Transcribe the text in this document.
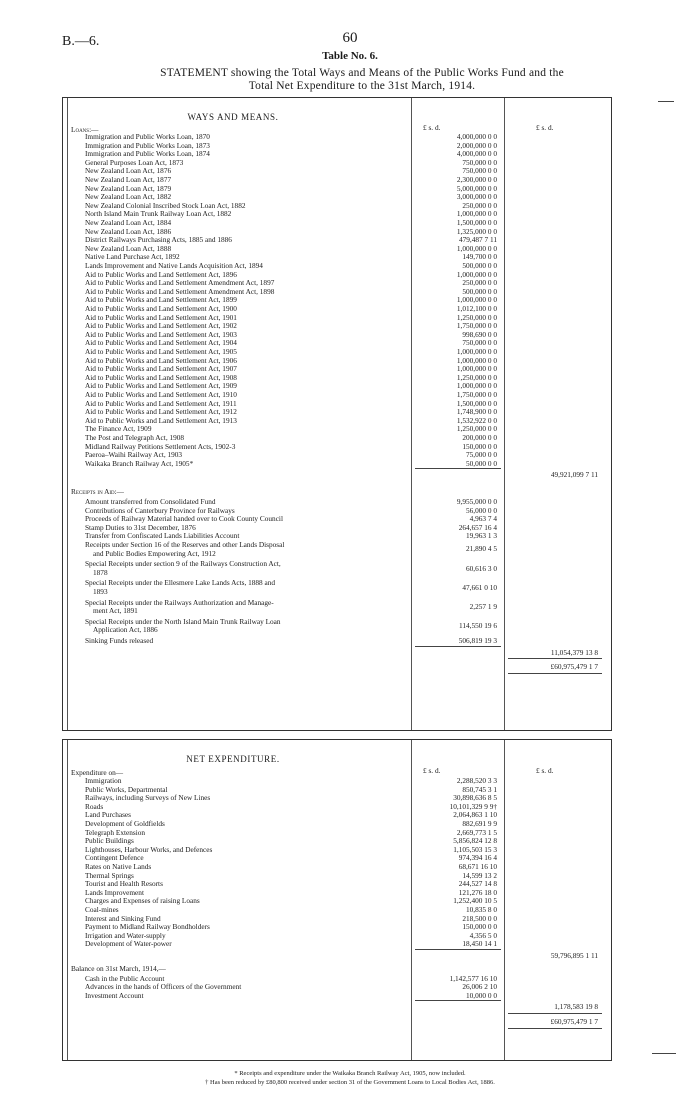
B.—6.	60
Table No. 6.
STATEMENT showing the Total Ways and Means of the Public Works Fund and the
Total Net Expenditure to the 31st March, 1914.
WAYS AND MEANS.
£ s. d.	£ s. d.
Loans:—
Immigration and Public Works Loan, 1870	4,000,000 0 0
Immigration and Public Works Loan, 1873	2,000,000 0 0
Immigration and Public Works Loan, 1874	4,000,000 0 0
General Purposes Loan Act, 1873	750,000 0 0
New Zealand Loan Act, 1876	750,000 0 0
New Zealand Loan Act, 1877	2,300,000 0 0
New Zealand Loan Act, 1879	5,000,000 0 0
New Zealand Loan Act, 1882	3,000,000 0 0
New Zealand Colonial Inscribed Stock Loan Act, 1882	250,000 0 0
North Island Main Trunk Railway Loan Act, 1882	1,000,000 0 0
New Zealand Loan Act, 1884	1,500,000 0 0
New Zealand Loan Act, 1886	1,325,000 0 0
District Railways Purchasing Acts, 1885 and 1886	479,487 7 11
New Zealand Loan Act, 1888	1,000,000 0 0
Native Land Purchase Act, 1892	149,700 0 0
Lands Improvement and Native Lands Acquisition Act, 1894	500,000 0 0
Aid to Public Works and Land Settlement Act, 1896	1,000,000 0 0
Aid to Public Works and Land Settlement Amendment Act, 1897	250,000 0 0
Aid to Public Works and Land Settlement Amendment Act, 1898	500,000 0 0
Aid to Public Works and Land Settlement Act, 1899	1,000,000 0 0
Aid to Public Works and Land Settlement Act, 1900	1,012,100 0 0
Aid to Public Works and Land Settlement Act, 1901	1,250,000 0 0
Aid to Public Works and Land Settlement Act, 1902	1,750,000 0 0
Aid to Public Works and Land Settlement Act, 1903	998,690 0 0
Aid to Public Works and Land Settlement Act, 1904	750,000 0 0
Aid to Public Works and Land Settlement Act, 1905	1,000,000 0 0
Aid to Public Works and Land Settlement Act, 1906	1,000,000 0 0
Aid to Public Works and Land Settlement Act, 1907	1,000,000 0 0
Aid to Public Works and Land Settlement Act, 1908	1,250,000 0 0
Aid to Public Works and Land Settlement Act, 1909	1,000,000 0 0
Aid to Public Works and Land Settlement Act, 1910	1,750,000 0 0
Aid to Public Works and Land Settlement Act, 1911	1,500,000 0 0
Aid to Public Works and Land Settlement Act, 1912	1,748,900 0 0
Aid to Public Works and Land Settlement Act, 1913	1,532,922 0 0
The Finance Act, 1909	1,250,000 0 0
The Post and Telegraph Act, 1908	200,000 0 0
Midland Railway Petitions Settlement Acts, 1902-3	150,000 0 0
Paeroa–Waihi Railway Act, 1903	75,000 0 0
Waikaka Branch Railway Act, 1905*	50,000 0 0
49,921,099 7 11
Receipts in Aid:—
Amount transferred from Consolidated Fund	9,955,000 0 0
Contributions of Canterbury Province for Railways	56,000 0 0
Proceeds of Railway Material handed over to Cook County Council	4,963 7 4
Stamp Duties to 31st December, 1876	264,657 16 4
Transfer from Confiscated Lands Liabilities Account	19,963 1 3
Receipts under Section 16 of the Reserves and other Lands Disposal
and Public Bodies Empowering Act, 1912	21,890 4 5
Special Receipts under section 9 of the Railways Construction Act,
1878	60,616 3 0
Special Receipts under the Ellesmere Lake Lands Acts, 1888 and
1893	47,661 0 10
Special Receipts under the Railways Authorization and Manage-
ment Act, 1891	2,257 1 9
Special Receipts under the North Island Main Trunk Railway Loan
Application Act, 1886	114,550 19 6
Sinking Funds released	506,819 19 3
11,054,379 13 8
£60,975,479 1 7
NET EXPENDITURE.
£ s. d.	£ s. d.
Expenditure on—
Immigration	2,288,520 3 3
Public Works, Departmental	850,745 3 1
Railways, including Surveys of New Lines	30,898,636 8 5
Roads	10,101,329 9 9†
Land Purchases	2,064,863 1 10
Development of Goldfields	882,691 9 9
Telegraph Extension	2,669,773 1 5
Public Buildings	5,856,824 12 8
Lighthouses, Harbour Works, and Defences	1,105,503 15 3
Contingent Defence	974,394 16 4
Rates on Native Lands	68,671 16 10
Thermal Springs	14,599 13 2
Tourist and Health Resorts	244,527 14 8
Lands Improvement	121,276 18 0
Charges and Expenses of raising Loans	1,252,400 10 5
Coal-mines	10,835 8 0
Interest and Sinking Fund	218,500 0 0
Payment to Midland Railway Bondholders	150,000 0 0
Irrigation and Water-supply	4,356 5 0
Development of Water-power	18,450 14 1
59,796,895 1 11
Balance on 31st March, 1914,—
Cash in the Public Account	1,142,577 16 10
Advances in the hands of Officers of the Government	26,006 2 10
Investment Account	10,000 0 0
1,178,583 19 8
£60,975,479 1 7
* Receipts and expenditure under the Waikaka Branch Railway Act, 1905, now included.
† Has been reduced by £80,800 received under section 31 of the Government Loans to Local Bodies Act, 1886.
